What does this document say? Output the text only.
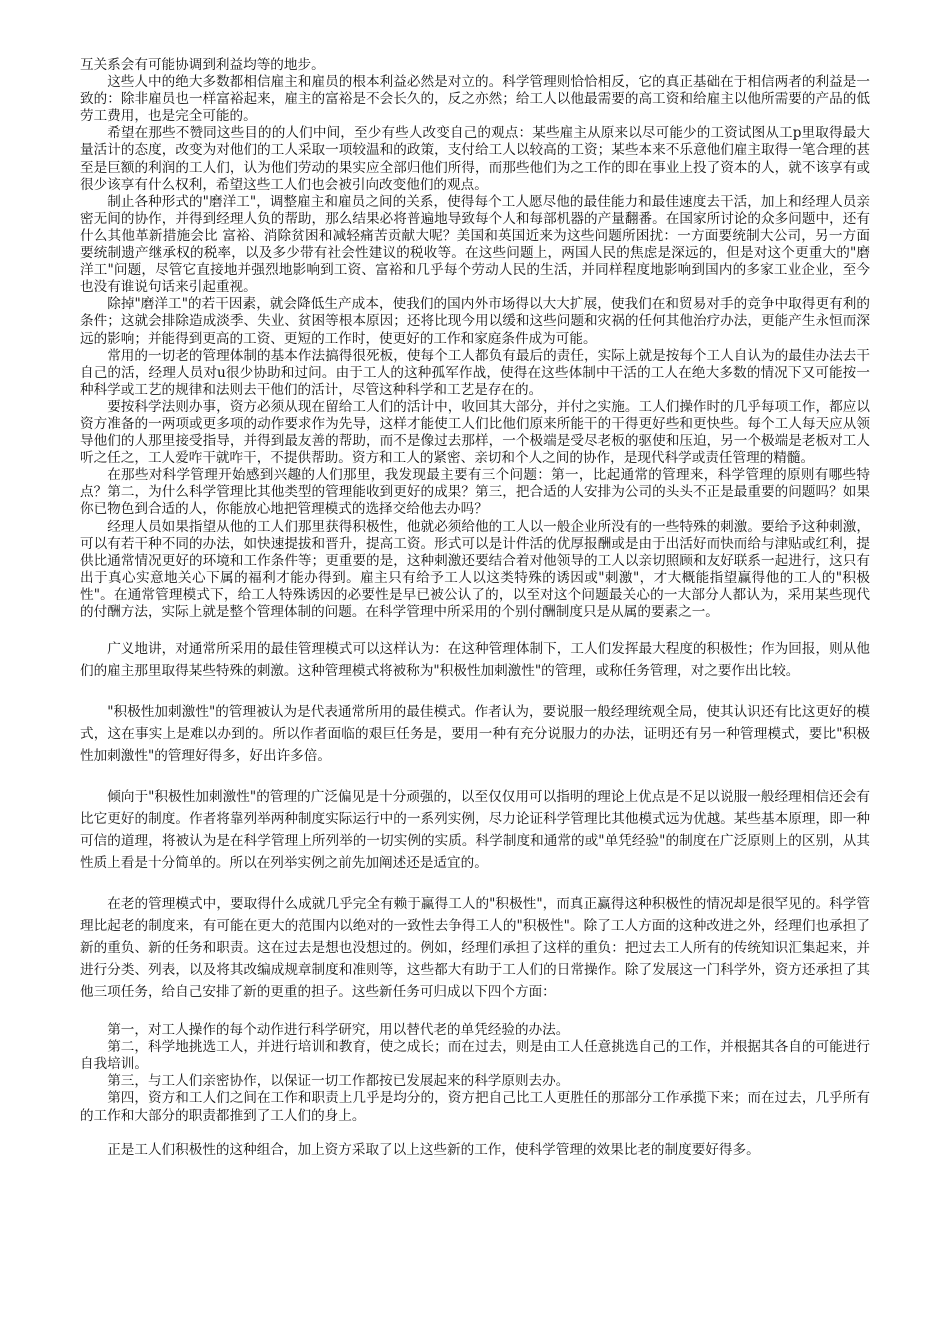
互关系会有可能协调到利益均等的地步。

这些人中的绝大多数都相信雇主和雇员的根本利益必然是对立的。科学管理则恰恰相反，它的真正基础在于相信两者的利益是一致的：除非雇员也一样富裕起来，雇主的富裕是不会长久的，反之亦然；给工人以他最需要的高工资和给雇主以他所需要的产品的低劳工费用，也是完全可能的。

希望在那些不赞同这些目的的人们中间，至少有些人改变自己的观点：某些雇主从原来以尽可能少的工资试图从工p里取得最大量活计的态度，改变为对他们的工人采取一项较温和的政策，支付给工人以较高的工资；某些本来不乐意他们雇主取得一笔合理的甚至是巨额的利润的工人们，认为他们劳动的果实应全部归他们所得，而那些他们为之工作的即在事业上投了资本的人，就不该享有或很少该享有什么权利，希望这些工人们也会被引向改变他们的观点。

制止各种形式的"磨洋工"，调整雇主和雇员之间的关系，使得每个工人愿尽他的最佳能力和最佳速度去干活，加上和经理人员亲密无间的协作，并得到经理人负的帮助，那么结果必将普遍地导致每个人和每部机器的产量翻番。在国家所讨论的众多问题中，还有什么其他革新措施会比 富裕、消除贫困和减轻痛苦贡献大呢？美国和英国近来为这些问题所困扰：一方面要统制大公司，另一方面要统制遗产继承权的税率，以及多少带有社会性建议的税收等。在这些问题上，两国人民的焦虑是深远的，但是对这个更重大的"磨洋工"问题，尽管它直接地并强烈地影响到工资、富裕和几乎每个劳动人民的生活，并同样程度地影响到国内的多家工业企业，至今也没有谁说句话来引起重视。

除掉"磨洋工"的若干因素，就会降低生产成本，使我们的国内外市场得以大大扩展，使我们在和贸易对手的竞争中取得更有利的条件；这就会排除造成淡季、失业、贫困等根本原因；还将比现今用以缓和这些问题和灾祸的任何其他治疗办法，更能产生永恒而深远的影响；并能得到更高的工资、更短的工作时，使更好的工作和家庭条件成为可能。

常用的一切老的管理体制的基本作法搞得很死板，使每个工人都负有最后的责任，实际上就是按每个工人自认为的最佳办法去干自己的活，经理人员对u很少协助和过问。由于工人的这种孤军作战，使得在这些体制中干活的工人在绝大多数的情况下又可能按一种科学或工艺的规律和法则去干他们的活计，尽管这种科学和工艺是存在的。

要按科学法则办事，资方必须从现在留给工人们的活计中，收回其大部分，并付之实施。工人们操作时的几乎每项工作，都应以资方准备的一两项或更多项的动作要求作为先导，这样才能使工人们比他们原来所能干的干得更好些和更快些。每个工人每天应从领导他们的人那里接受指导，并得到最友善的帮助，而不是像过去那样，一个极端是受尽老板的驱使和压迫，另一个极端是老板对工人听之任之，工人爱咋干就咋干，不提供帮助。资方和工人的紧密、亲切和个人之间的协作，是现代科学或责任管理的精髓。

在那些对科学管理开始感到兴趣的人们那里，我发现最主要有三个问题：第一，比起通常的管理来，科学管理的原则有哪些特点？第二，为什么科学管理比其他类型的管理能收到更好的成果？第三，把合适的人安排为公司的头头不正是最重要的问题吗？如果你已物色到合适的人，你能放心地把管理模式的选择交给他去办吗？

经理人员如果指望从他的工人们那里获得积极性，他就必须给他的工人以一般企业所没有的一些特殊的刺激。要给予这种刺激，可以有若干种不同的办法，如快速提拔和晋升，提高工资。形式可以是计件活的优厚报酬或是由于出活好而快而给与津贴或红利，提供比通常情况更好的环境和工作条件等；更重要的是，这种刺激还要结合着对他领导的工人以亲切照顾和友好联系一起进行，这只有出于真心实意地关心下属的福利才能办得到。雇主只有给予工人以这类特殊的诱因或"刺激"，才大概能指望赢得他的工人的"积极性"。在通常管理模式下，给工人特殊诱因的必要性是早已被公认了的，以至对这个问题最关心的一大部分人都认为，采用某些现代的付酬方法，实际上就是整个管理体制的问题。在科学管理中所采用的个别付酬制度只是从属的要素之一。

广义地讲，对通常所采用的最佳管理模式可以这样认为：在这种管理体制下，工人们发挥最大程度的积极性；作为回报，则从他们的雇主那里取得某些特殊的刺激。这种管理模式将被称为"积极性加刺激性"的管理，或称任务管理，对之要作出比较。

"积极性加刺激性"的管理被认为是代表通常所用的最佳模式。作者认为，要说服一般经理统观全局，使其认识还有比这更好的模式，这在事实上是难以办到的。所以作者面临的艰巨任务是，要用一种有充分说服力的办法，证明还有另一种管理模式，要比"积极性加刺激性"的管理好得多，好出许多倍。

倾向于"积极性加刺激性"的管理的广泛偏见是十分顽强的，以至仅仅用可以指明的理论上优点是不足以说服一般经理相信还会有比它更好的制度。作者将靠列举两种制度实际运行中的一系列实例，尽力论证科学管理比其他模式远为优越。某些基本原理，即一种可信的道理，将被认为是在科学管理上所列举的一切实例的实质。科学制度和通常的或"单凭经验"的制度在广泛原则上的区别，从其性质上看是十分简单的。所以在列举实例之前先加阐述还是适宜的。

在老的管理模式中，要取得什么成就几乎完全有赖于赢得工人的"积极性"，而真正赢得这种积极性的情况却是很罕见的。科学管理比起老的制度来，有可能在更大的范围内以绝对的一致性去争得工人的"积极性"。除了工人方面的这种改进之外，经理们也承担了新的重负、新的任务和职责。这在过去是想也没想过的。例如，经理们承担了这样的重负：把过去工人所有的传统知识汇集起来，并进行分类、列表，以及将其改编成规章制度和准则等，这些都大有助于工人们的日常操作。除了发展这一门科学外，资方还承担了其他三项任务，给自己安排了新的更重的担子。这些新任务可归成以下四个方面：

第一，对工人操作的每个动作进行科学研究，用以替代老的单凭经验的办法。

第二，科学地挑选工人，并进行培训和教育，使之成长；而在过去，则是由工人任意挑选自己的工作，并根据其各自的可能进行自我培训。

第三，与工人们亲密协作，以保证一切工作都按已发展起来的科学原则去办。

第四，资方和工人们之间在工作和职责上几乎是均分的，资方把自己比工人更胜任的那部分工作承揽下来；而在过去，几乎所有的工作和大部分的职责都推到了工人们的身上。

正是工人们积极性的这种组合，加上资方采取了以上这些新的工作，使科学管理的效果比老的制度要好得多。
